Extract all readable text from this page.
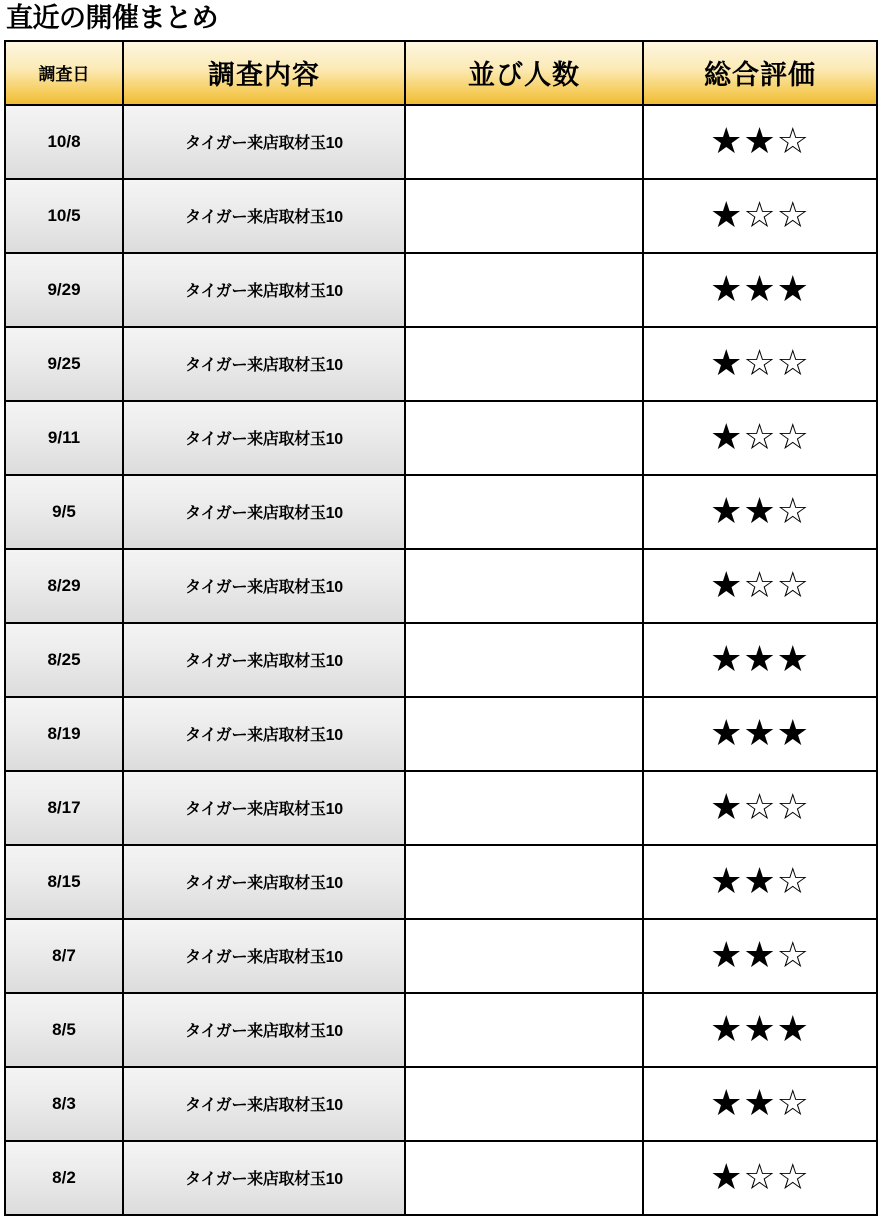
直近の開催まとめ
調査日	調査内容	並び人数	総合評価
10/8	タイガー来店取材玉10		★★☆
10/5	タイガー来店取材玉10		★☆☆
9/29	タイガー来店取材玉10		★★★
9/25	タイガー来店取材玉10		★☆☆
9/11	タイガー来店取材玉10		★☆☆
9/5	タイガー来店取材玉10		★★☆
8/29	タイガー来店取材玉10		★☆☆
8/25	タイガー来店取材玉10		★★★
8/19	タイガー来店取材玉10		★★★
8/17	タイガー来店取材玉10		★☆☆
8/15	タイガー来店取材玉10		★★☆
8/7	タイガー来店取材玉10		★★☆
8/5	タイガー来店取材玉10		★★★
8/3	タイガー来店取材玉10		★★☆
8/2	タイガー来店取材玉10		★☆☆
